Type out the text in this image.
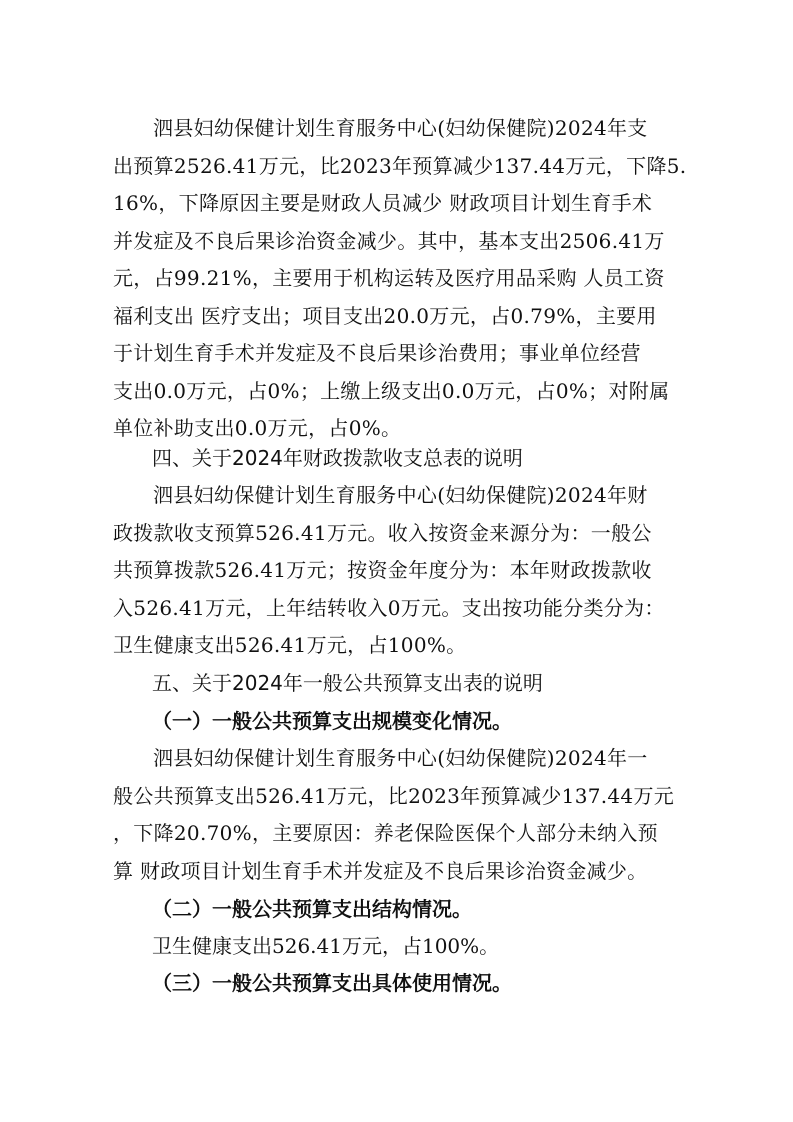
泗县妇幼保健计划生育服务中心(妇幼保健院)2024年支
出预算2526.41万元，比2023年预算减少137.44万元，下降5.
16%，下降原因主要是财政人员减少 财政项目计划生育手术
并发症及不良后果诊治资金减少。其中，基本支出2506.41万
元，占99.21%，主要用于机构运转及医疗用品采购 人员工资
福利支出 医疗支出；项目支出20.0万元，占0.79%，主要用
于计划生育手术并发症及不良后果诊治费用；事业单位经营
支出0.0万元，占0%；上缴上级支出0.0万元，占0%；对附属
单位补助支出0.0万元，占0%。

四、关于2024年财政拨款收支总表的说明

泗县妇幼保健计划生育服务中心(妇幼保健院)2024年财
政拨款收支预算526.41万元。收入按资金来源分为：一般公
共预算拨款526.41万元；按资金年度分为：本年财政拨款收
入526.41万元，上年结转收入0万元。支出按功能分类分为：
卫生健康支出526.41万元，占100%。

五、关于2024年一般公共预算支出表的说明

（一）一般公共预算支出规模变化情况。

泗县妇幼保健计划生育服务中心(妇幼保健院)2024年一
般公共预算支出526.41万元，比2023年预算减少137.44万元
，下降20.70%，主要原因：养老保险医保个人部分未纳入预
算 财政项目计划生育手术并发症及不良后果诊治资金减少。

（二）一般公共预算支出结构情况。

卫生健康支出526.41万元，占100%。

（三）一般公共预算支出具体使用情况。
